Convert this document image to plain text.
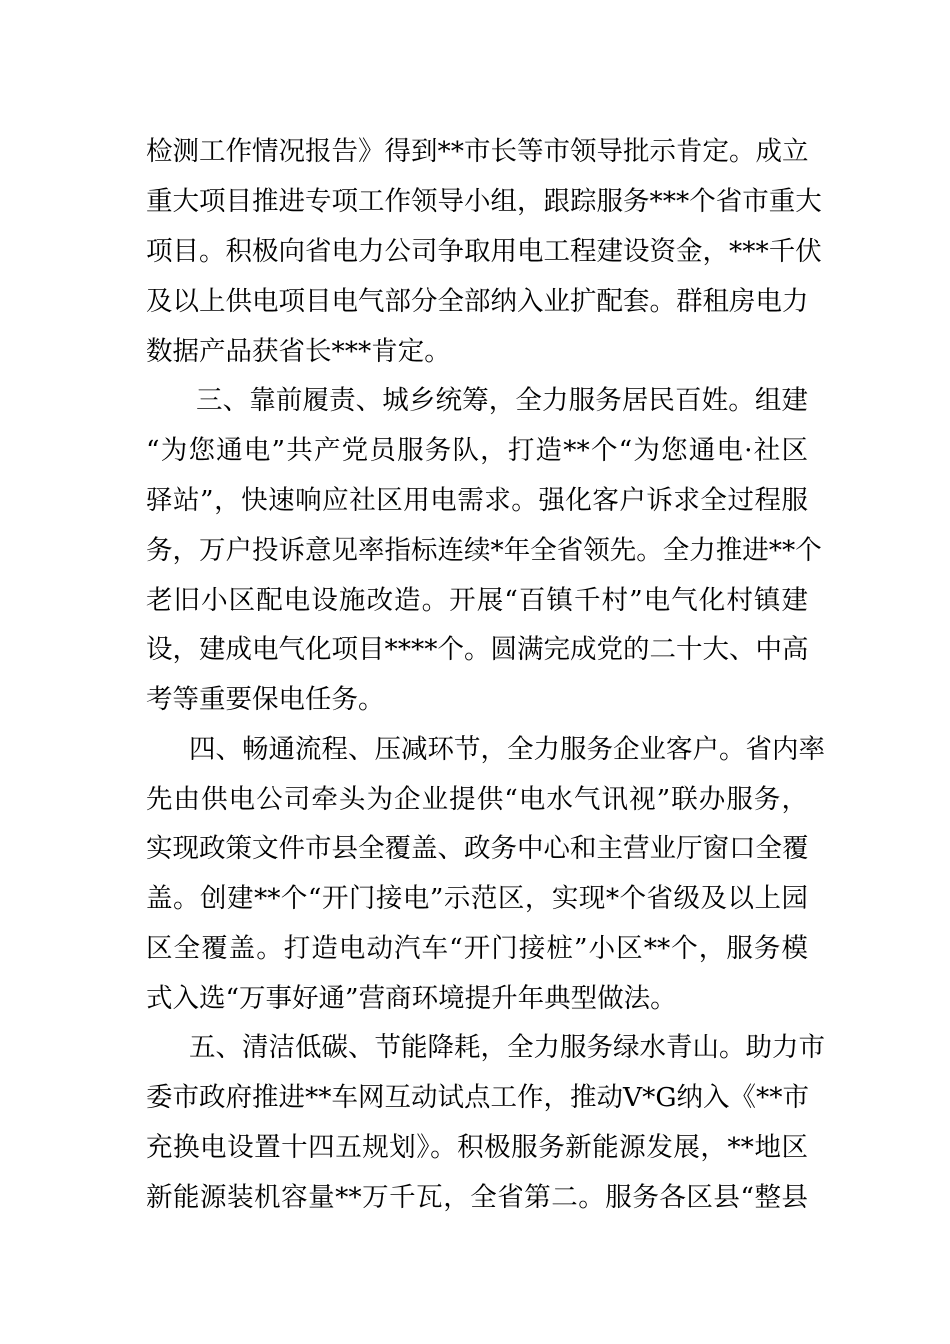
检测工作情况报告》得到**市长等市领导批示肯定。成立
重大项目推进专项工作领导小组，跟踪服务***个省市重大
项目。积极向省电力公司争取用电工程建设资金，***千伏
及以上供电项目电气部分全部纳入业扩配套。群租房电力
数据产品获省长***肯定。
三、靠前履责、城乡统筹，全力服务居民百姓。组建
“为您通电”共产党员服务队，打造**个“为您通电·社区
驿站”，快速响应社区用电需求。强化客户诉求全过程服
务，万户投诉意见率指标连续*年全省领先。全力推进**个
老旧小区配电设施改造。开展“百镇千村”电气化村镇建
设，建成电气化项目****个。圆满完成党的二十大、中高
考等重要保电任务。
四、畅通流程、压减环节，全力服务企业客户。省内率
先由供电公司牵头为企业提供“电水气讯视”联办服务，
实现政策文件市县全覆盖、政务中心和主营业厅窗口全覆
盖。创建**个“开门接电”示范区，实现*个省级及以上园
区全覆盖。打造电动汽车“开门接桩”小区**个，服务模
式入选“万事好通”营商环境提升年典型做法。
五、清洁低碳、节能降耗，全力服务绿水青山。助力市
委市政府推进**车网互动试点工作，推动V*G纳入《**市
充换电设置十四五规划》。积极服务新能源发展，**地区
新能源装机容量**万千瓦，全省第二。服务各区县“整县
